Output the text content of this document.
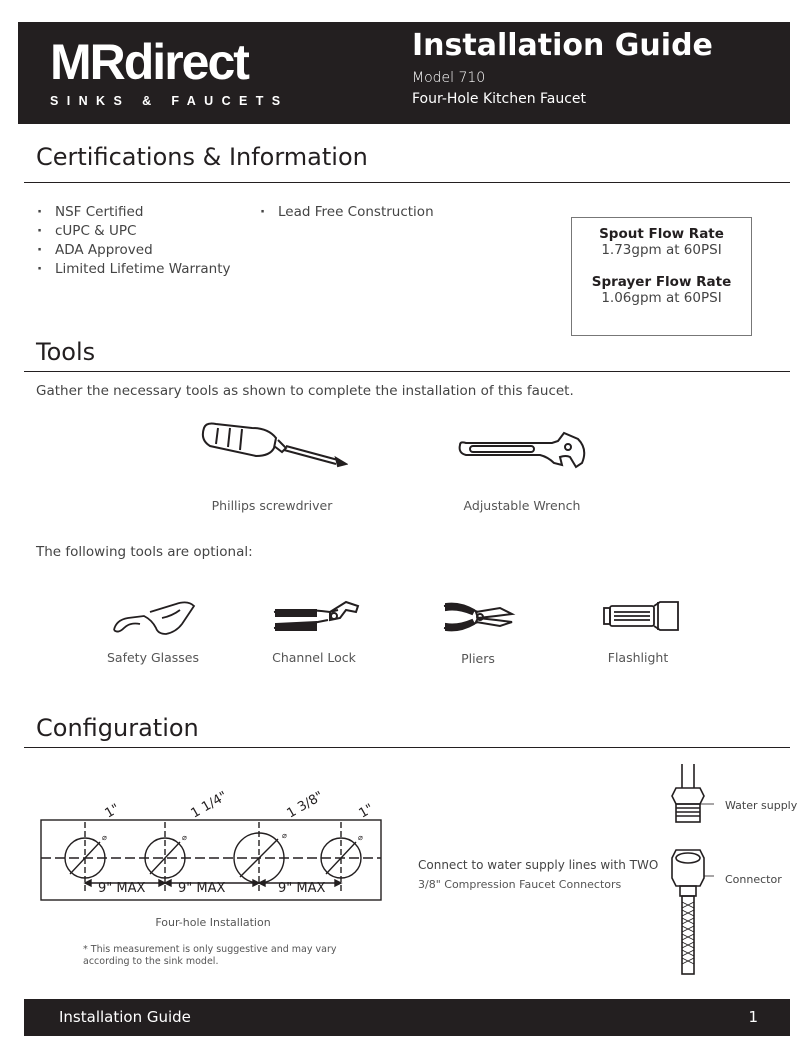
MRdirect
SINKS & FAUCETS
Installation Guide
Model 710
Four-Hole Kitchen Faucet
Certifications & Information
· NSF Certified
· cUPC & UPC
· ADA Approved
· Limited Lifetime Warranty
· Lead Free Construction
Spout Flow Rate
1.73gpm at 60PSI
Sprayer Flow Rate
1.06gpm at 60PSI
Tools
Gather the necessary tools as shown to complete the installation of this faucet.
Phillips screwdriver	Adjustable Wrench
The following tools are optional:
Safety Glasses	Channel Lock	Pliers	Flashlight
Configuration
1"	1 1/4"	1 3/8" 1"
9" MAX	9" MAX	9" MAX
⌀	⌀	⌀	⌀
Four-hole Installation
* This measurement is only suggestive and may vary according to the sink model.
Connect to water supply lines with TWO
3/8" Compression Faucet Connectors
Water supply
Connector
Installation Guide	1
